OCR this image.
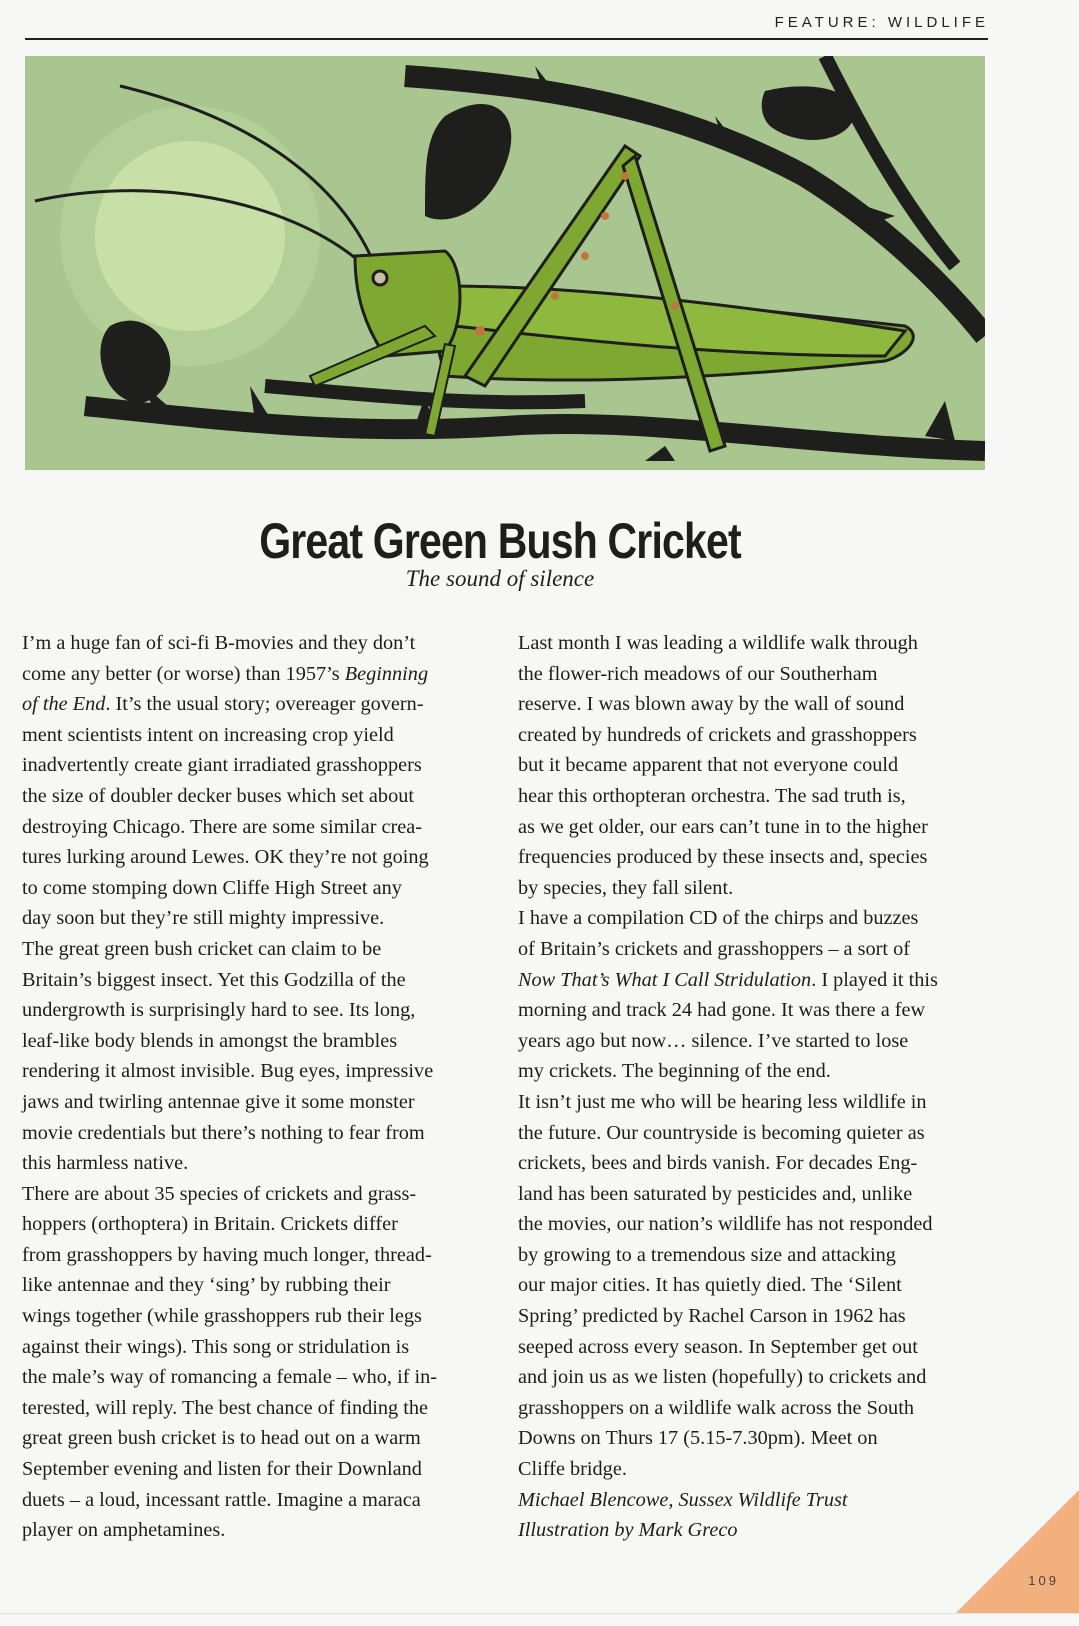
FEATURE: WILDLIFE
Great Green Bush Cricket
The sound of silence
I’m a huge fan of sci-fi B-movies and they don’t
come any better (or worse) than 1957’s Beginning
of the End. It’s the usual story; overeager govern-
ment scientists intent on increasing crop yield
inadvertently create giant irradiated grasshoppers
the size of doubler decker buses which set about
destroying Chicago. There are some similar crea-
tures lurking around Lewes. OK they’re not going
to come stomping down Cliffe High Street any
day soon but they’re still mighty impressive.
The great green bush cricket can claim to be
Britain’s biggest insect. Yet this Godzilla of the
undergrowth is surprisingly hard to see. Its long,
leaf-like body blends in amongst the brambles
rendering it almost invisible. Bug eyes, impressive
jaws and twirling antennae give it some monster
movie credentials but there’s nothing to fear from
this harmless native.
There are about 35 species of crickets and grass-
hoppers (orthoptera) in Britain. Crickets differ
from grasshoppers by having much longer, thread-
like antennae and they ‘sing’ by rubbing their
wings together (while grasshoppers rub their legs
against their wings). This song or stridulation is
the male’s way of romancing a female – who, if in-
terested, will reply. The best chance of finding the
great green bush cricket is to head out on a warm
September evening and listen for their Downland
duets – a loud, incessant rattle. Imagine a maraca
player on amphetamines.
Last month I was leading a wildlife walk through
the flower-rich meadows of our Southerham
reserve. I was blown away by the wall of sound
created by hundreds of crickets and grasshoppers
but it became apparent that not everyone could
hear this orthopteran orchestra. The sad truth is,
as we get older, our ears can’t tune in to the higher
frequencies produced by these insects and, species
by species, they fall silent.
I have a compilation CD of the chirps and buzzes
of Britain’s crickets and grasshoppers – a sort of
Now That’s What I Call Stridulation. I played it this
morning and track 24 had gone. It was there a few
years ago but now… silence. I’ve started to lose
my crickets. The beginning of the end.
It isn’t just me who will be hearing less wildlife in
the future. Our countryside is becoming quieter as
crickets, bees and birds vanish. For decades Eng-
land has been saturated by pesticides and, unlike
the movies, our nation’s wildlife has not responded
by growing to a tremendous size and attacking
our major cities. It has quietly died. The ‘Silent
Spring’ predicted by Rachel Carson in 1962 has
seeped across every season. In September get out
and join us as we listen (hopefully) to crickets and
grasshoppers on a wildlife walk across the South
Downs on Thurs 17 (5.15-7.30pm). Meet on
Cliffe bridge.
Michael Blencowe, Sussex Wildlife Trust
Illustration by Mark Greco
109
